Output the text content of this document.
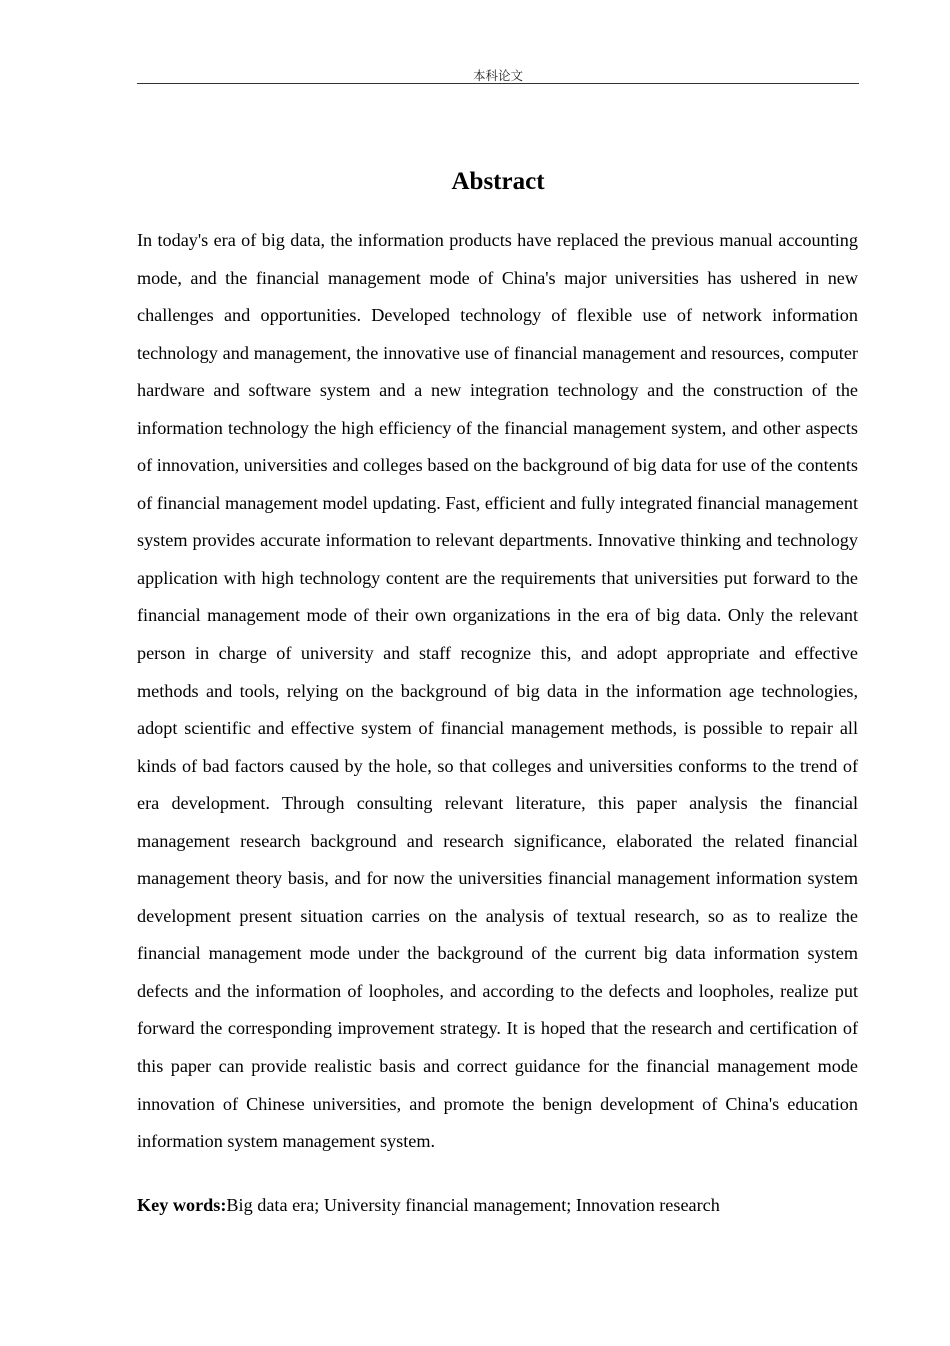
本科论文
Abstract
In today's era of big data, the information products have replaced the previous manual accounting mode, and the financial management mode of China's major universities has ushered in new challenges and opportunities. Developed technology of flexible use of network information technology and management, the innovative use of financial management and resources, computer hardware and software system and a new integration technology and the construction of the information technology the high efficiency of the financial management system, and other aspects of innovation, universities and colleges based on the background of big data for use of the contents of financial management model updating. Fast, efficient and fully integrated financial management system provides accurate information to relevant departments. Innovative thinking and technology application with high technology content are the requirements that universities put forward to the financial management mode of their own organizations in the era of big data. Only the relevant person in charge of university and staff recognize this, and adopt appropriate and effective methods and tools, relying on the background of big data in the information age technologies, adopt scientific and effective system of financial management methods, is possible to repair all kinds of bad factors caused by the hole, so that colleges and universities conforms to the trend of era development. Through consulting relevant literature, this paper analysis the financial management research background and research significance, elaborated the related financial management theory basis, and for now the universities financial management information system development present situation carries on the analysis of textual research, so as to realize the financial management mode under the background of the current big data information system defects and the information of loopholes, and according to the defects and loopholes, realize put forward the corresponding improvement strategy. It is hoped that the research and certification of this paper can provide realistic basis and correct guidance for the financial management mode innovation of Chinese universities, and promote the benign development of China's education information system management system.
Key words:Big data era; University financial management; Innovation research
